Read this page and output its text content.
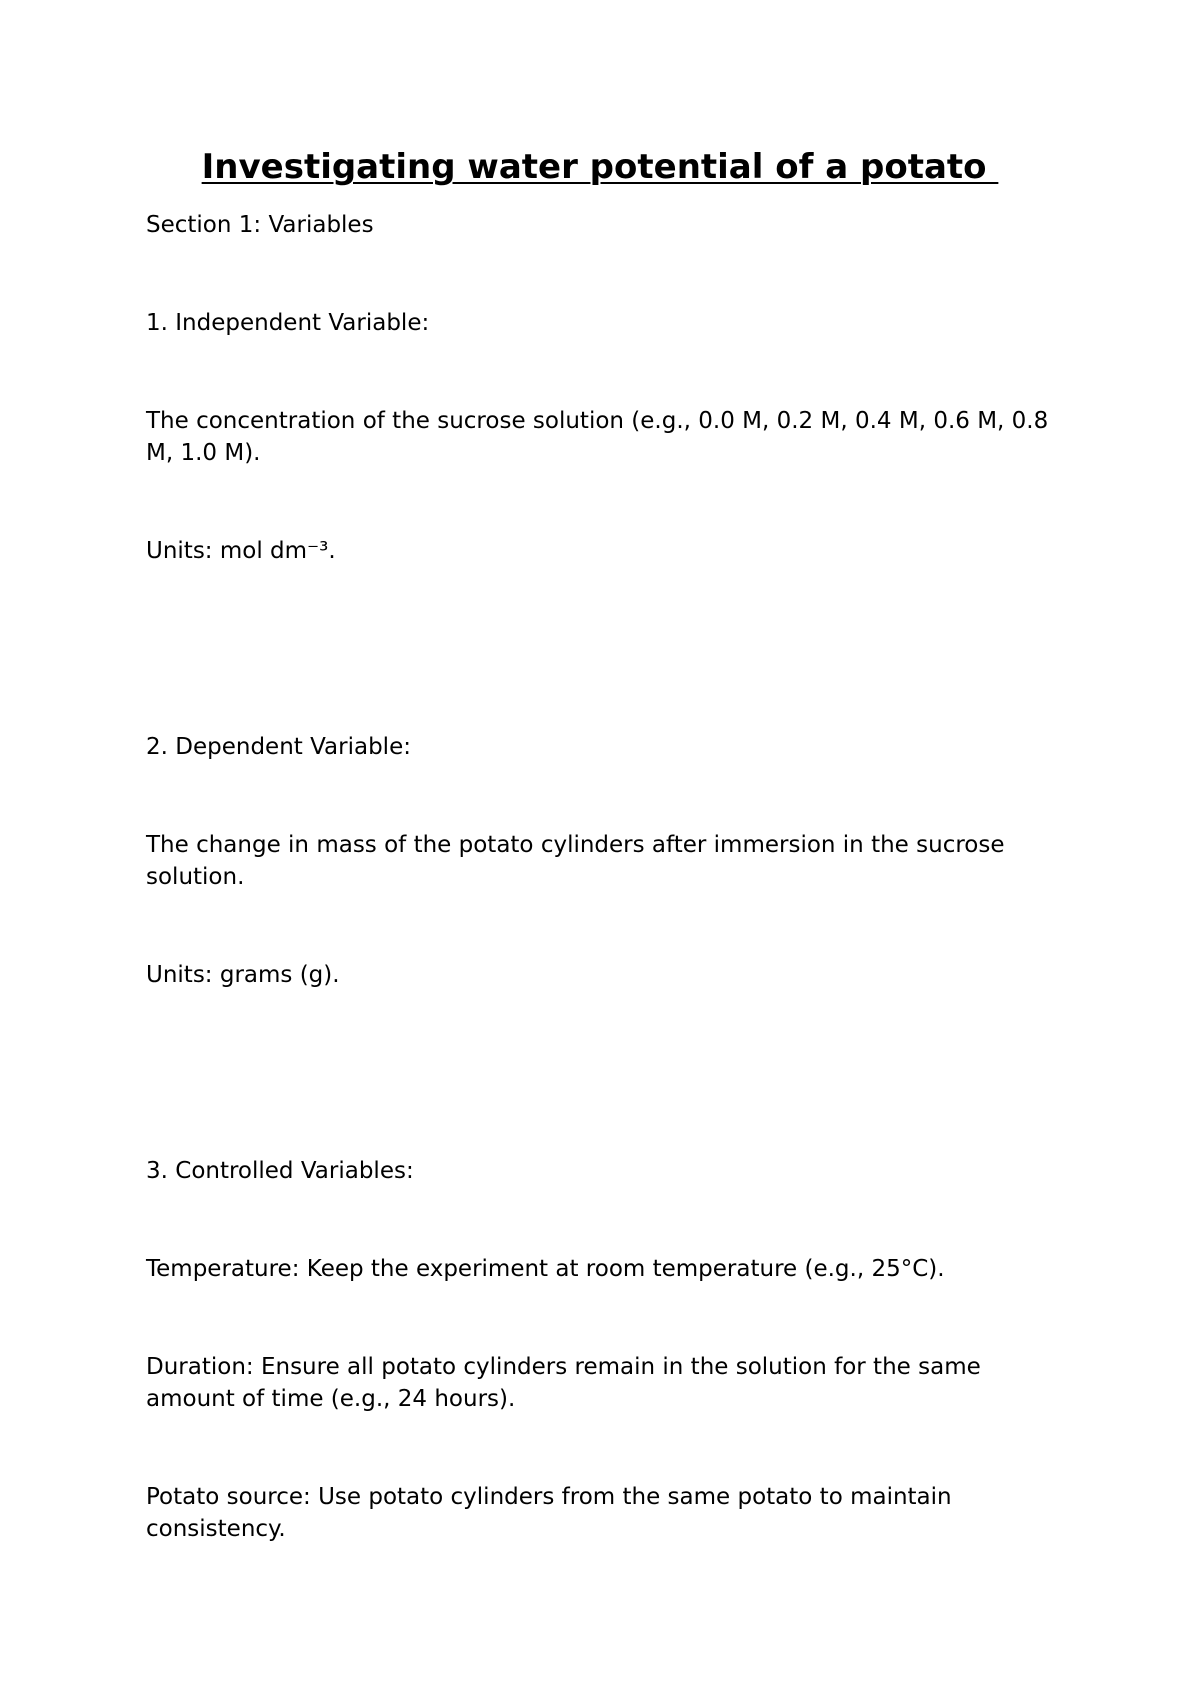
Investigating water potential of a potato

Section 1: Variables

1. Independent Variable:

The concentration of the sucrose solution (e.g., 0.0 M, 0.2 M, 0.4 M, 0.6 M, 0.8 M, 1.0 M).

Units: mol dm⁻³.

2. Dependent Variable:

The change in mass of the potato cylinders after immersion in the sucrose solution.

Units: grams (g).

3. Controlled Variables:

Temperature: Keep the experiment at room temperature (e.g., 25°C).

Duration: Ensure all potato cylinders remain in the solution for the same amount of time (e.g., 24 hours).

Potato source: Use potato cylinders from the same potato to maintain consistency.
